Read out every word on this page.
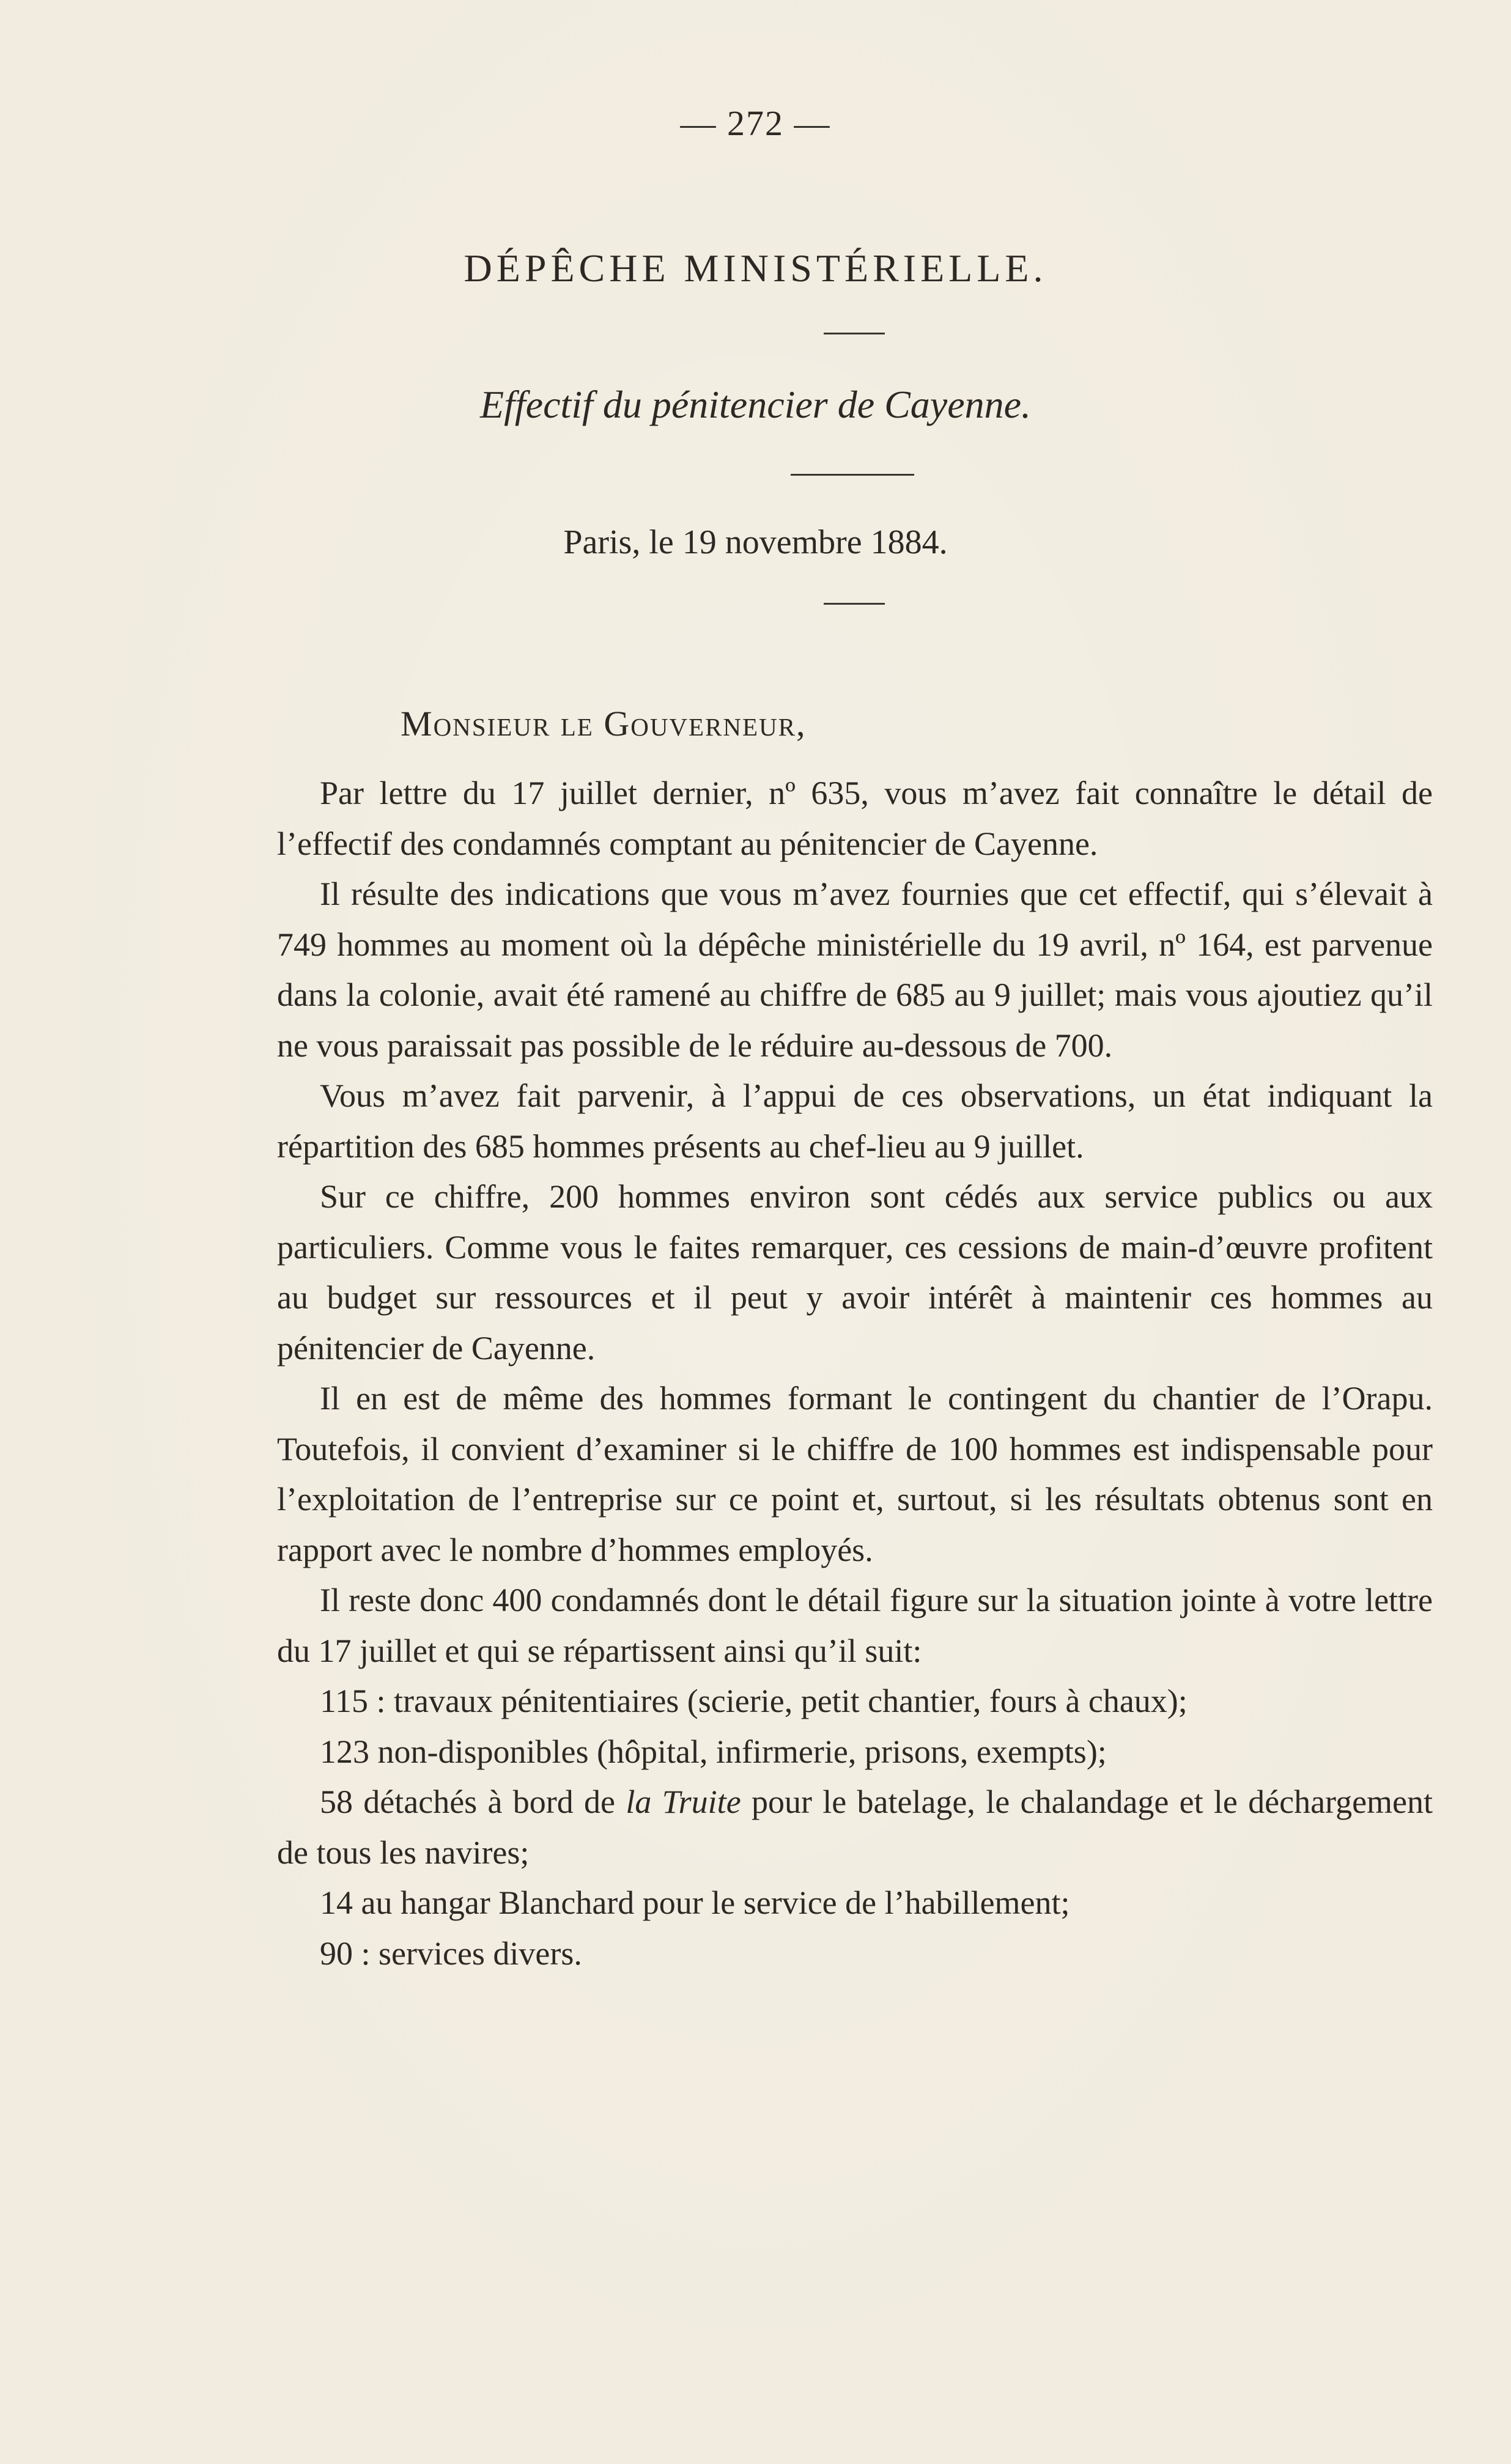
— 272 —
DÉPÊCHE MINISTÉRIELLE.
Effectif du pénitencier de Cayenne.
Paris, le 19 novembre 1884.
Monsieur le Gouverneur,

Par lettre du 17 juillet dernier, nº 635, vous m’avez fait connaître le détail de l’effectif des condamnés comptant au pénitencier de Cayenne.

Il résulte des indications que vous m’avez fournies que cet effectif, qui s’élevait à 749 hommes au moment où la dépêche ministérielle du 19 avril, nº 164, est parvenue dans la colonie, avait été ramené au chiffre de 685 au 9 juillet; mais vous ajoutiez qu’il ne vous paraissait pas possible de le réduire au-dessous de 700.

Vous m’avez fait parvenir, à l’appui de ces observations, un état indiquant la répartition des 685 hommes présents au chef-lieu au 9 juillet.

Sur ce chiffre, 200 hommes environ sont cédés aux service publics ou aux particuliers. Comme vous le faites remarquer, ces cessions de main-d’œuvre profitent au budget sur ressources et il peut y avoir intérêt à maintenir ces hommes au pénitencier de Cayenne.

Il en est de même des hommes formant le contingent du chantier de l’Orapu. Toutefois, il convient d’examiner si le chiffre de 100 hommes est indispensable pour l’exploitation de l’entreprise sur ce point et, surtout, si les résultats obtenus sont en rapport avec le nombre d’hommes employés.

Il reste donc 400 condamnés dont le détail figure sur la situation jointe à votre lettre du 17 juillet et qui se répartissent ainsi qu’il suit:

115 : travaux pénitentiaires (scierie, petit chantier, fours à chaux);

123 non-disponibles (hôpital, infirmerie, prisons, exempts);

58 détachés à bord de la Truite pour le batelage, le chalandage et le déchargement de tous les navires;

14 au hangar Blanchard pour le service de l’habillement;

90 : services divers.
